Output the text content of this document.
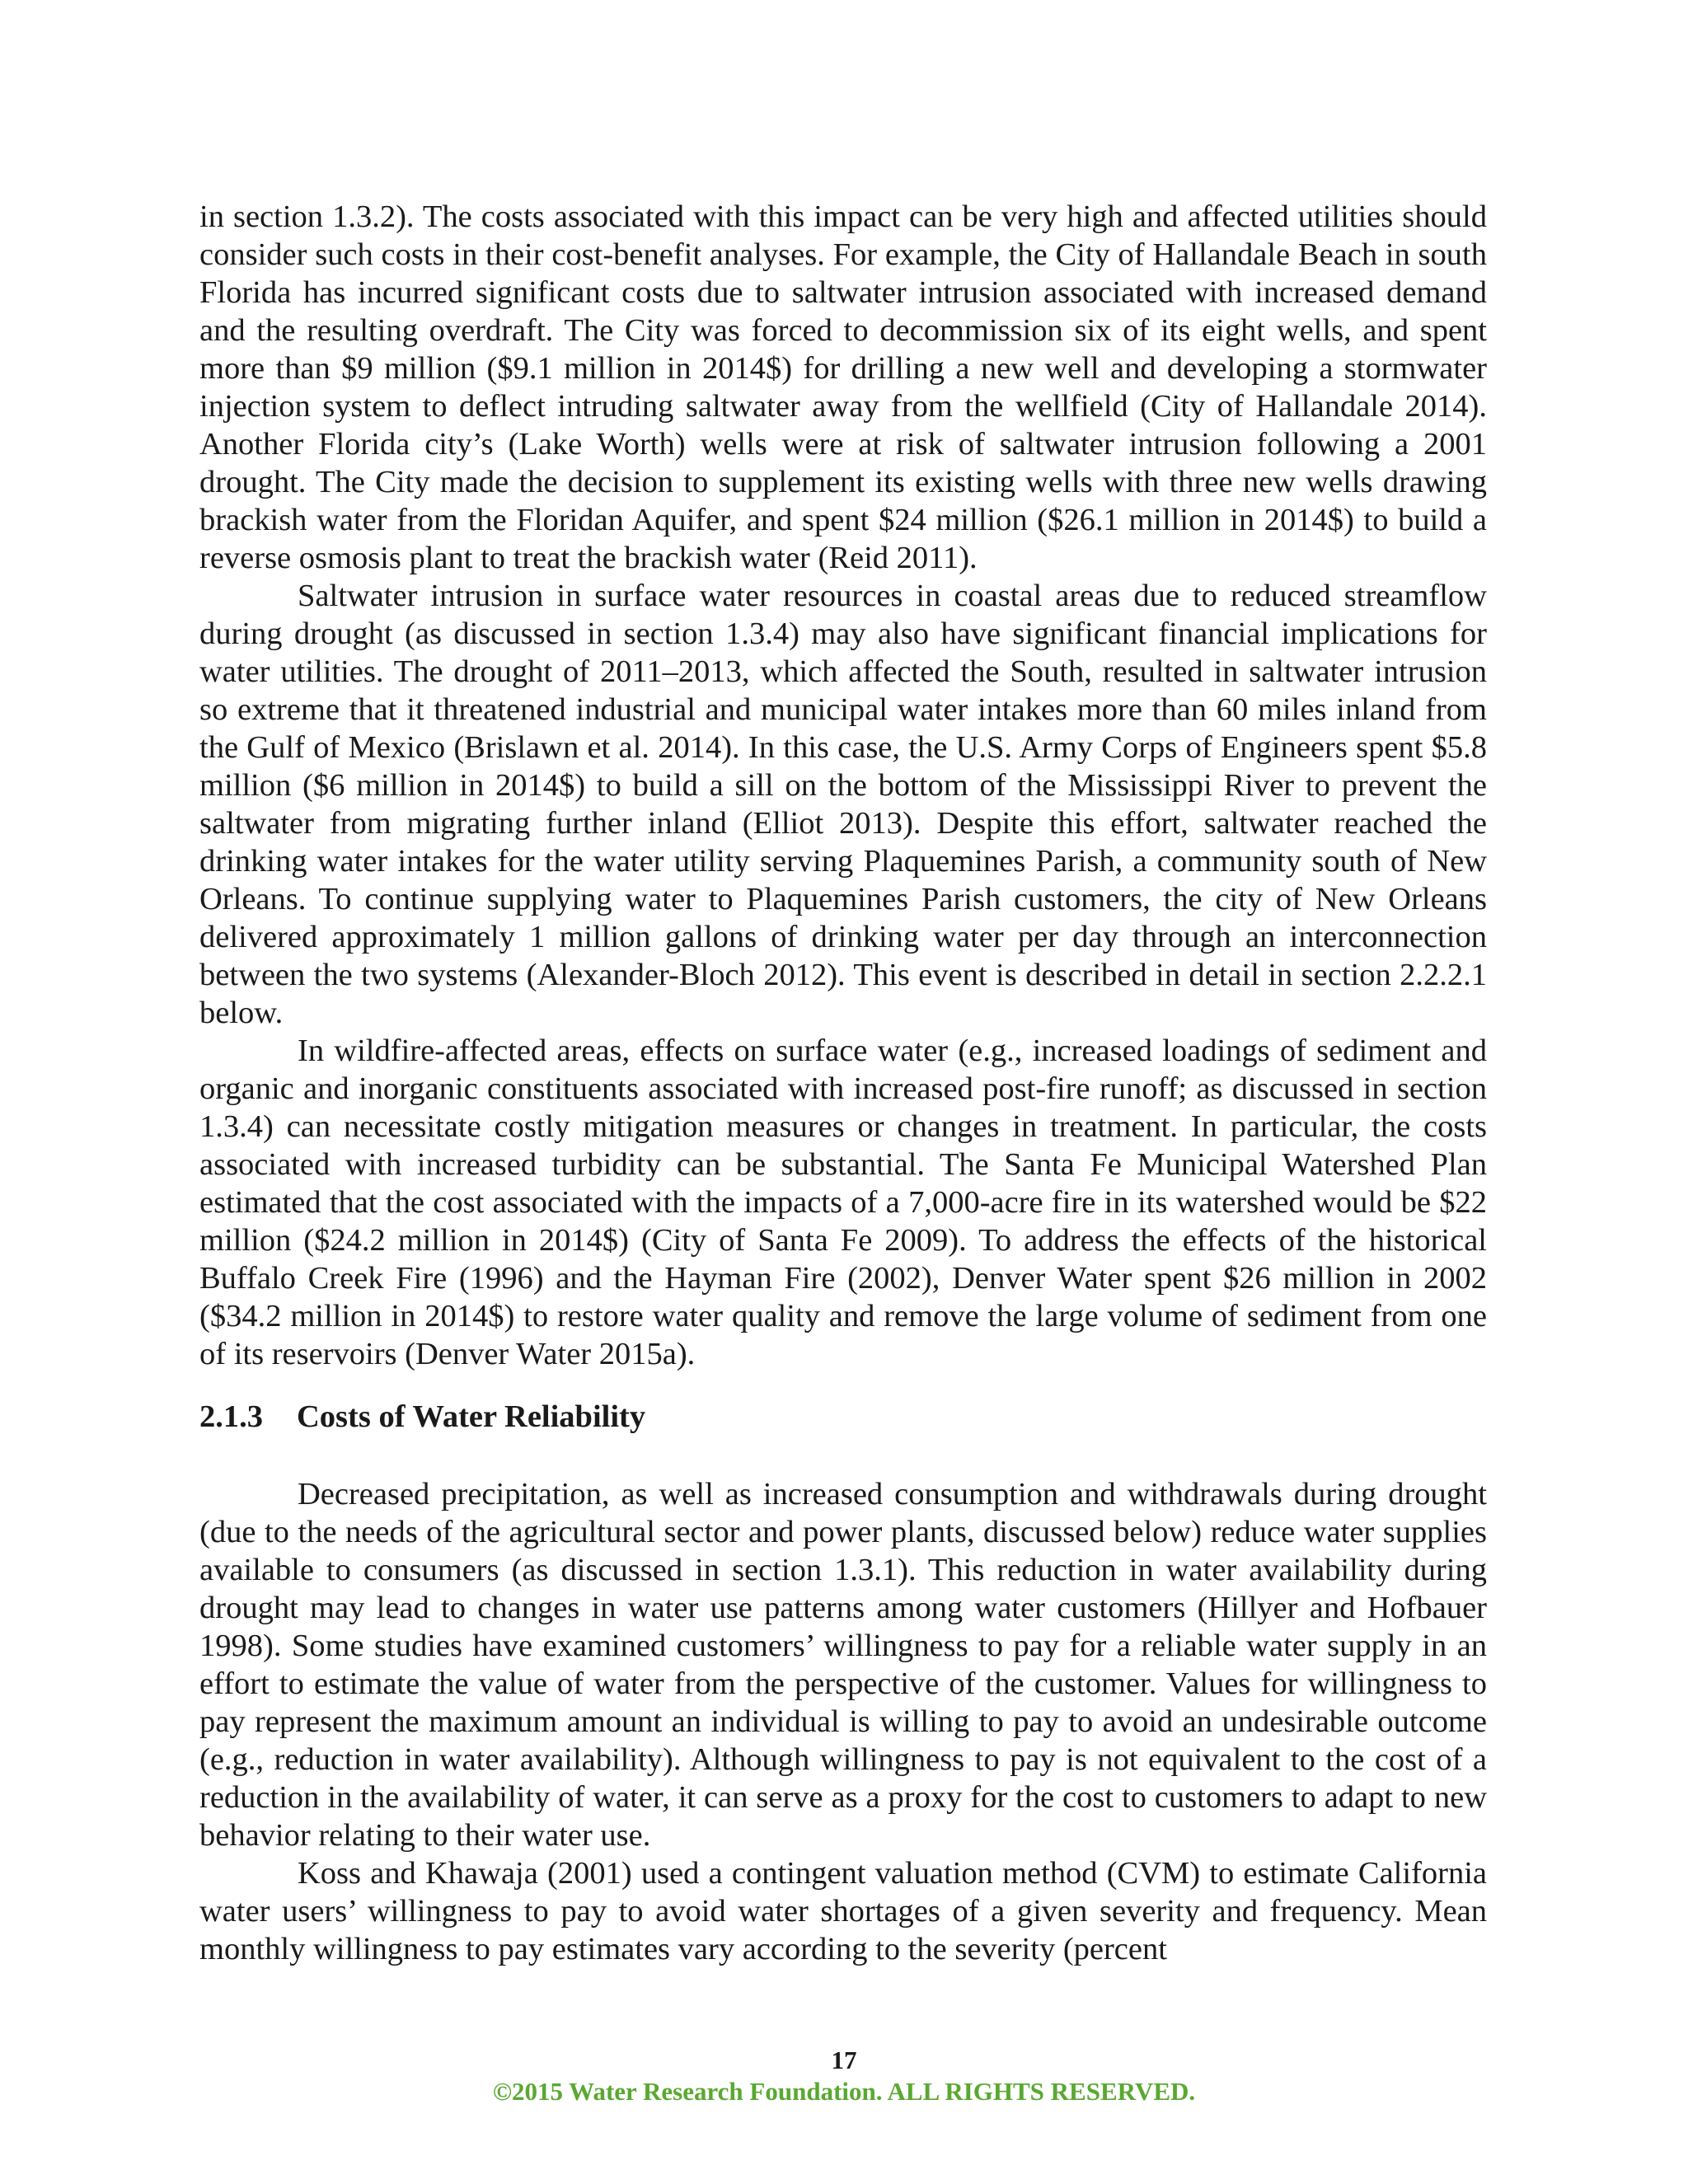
in section 1.3.2). The costs associated with this impact can be very high and affected utilities should consider such costs in their cost-benefit analyses. For example, the City of Hallandale Beach in south Florida has incurred significant costs due to saltwater intrusion associated with increased demand and the resulting overdraft. The City was forced to decommission six of its eight wells, and spent more than $9 million ($9.1 million in 2014$) for drilling a new well and developing a stormwater injection system to deflect intruding saltwater away from the wellfield (City of Hallandale 2014). Another Florida city’s (Lake Worth) wells were at risk of saltwater intrusion following a 2001 drought. The City made the decision to supplement its existing wells with three new wells drawing brackish water from the Floridan Aquifer, and spent $24 million ($26.1 million in 2014$) to build a reverse osmosis plant to treat the brackish water (Reid 2011).

Saltwater intrusion in surface water resources in coastal areas due to reduced streamflow during drought (as discussed in section 1.3.4) may also have significant financial implications for water utilities. The drought of 2011–2013, which affected the South, resulted in saltwater intrusion so extreme that it threatened industrial and municipal water intakes more than 60 miles inland from the Gulf of Mexico (Brislawn et al. 2014). In this case, the U.S. Army Corps of Engineers spent $5.8 million ($6 million in 2014$) to build a sill on the bottom of the Mississippi River to prevent the saltwater from migrating further inland (Elliot 2013). Despite this effort, saltwater reached the drinking water intakes for the water utility serving Plaquemines Parish, a community south of New Orleans. To continue supplying water to Plaquemines Parish customers, the city of New Orleans delivered approximately 1 million gallons of drinking water per day through an interconnection between the two systems (Alexander-Bloch 2012). This event is described in detail in section 2.2.2.1 below.

In wildfire-affected areas, effects on surface water (e.g., increased loadings of sediment and organic and inorganic constituents associated with increased post-fire runoff; as discussed in section 1.3.4) can necessitate costly mitigation measures or changes in treatment. In particular, the costs associated with increased turbidity can be substantial. The Santa Fe Municipal Watershed Plan estimated that the cost associated with the impacts of a 7,000-acre fire in its watershed would be $22 million ($24.2 million in 2014$) (City of Santa Fe 2009). To address the effects of the historical Buffalo Creek Fire (1996) and the Hayman Fire (2002), Denver Water spent $26 million in 2002 ($34.2 million in 2014$) to restore water quality and remove the large volume of sediment from one of its reservoirs (Denver Water 2015a).

2.1.3	Costs of Water Reliability

Decreased precipitation, as well as increased consumption and withdrawals during drought (due to the needs of the agricultural sector and power plants, discussed below) reduce water supplies available to consumers (as discussed in section 1.3.1). This reduction in water availability during drought may lead to changes in water use patterns among water customers (Hillyer and Hofbauer 1998). Some studies have examined customers’ willingness to pay for a reliable water supply in an effort to estimate the value of water from the perspective of the customer. Values for willingness to pay represent the maximum amount an individual is willing to pay to avoid an undesirable outcome (e.g., reduction in water availability). Although willingness to pay is not equivalent to the cost of a reduction in the availability of water, it can serve as a proxy for the cost to customers to adapt to new behavior relating to their water use.

Koss and Khawaja (2001) used a contingent valuation method (CVM) to estimate California water users’ willingness to pay to avoid water shortages of a given severity and frequency. Mean monthly willingness to pay estimates vary according to the severity (percent

17
©2015 Water Research Foundation. ALL RIGHTS RESERVED.
